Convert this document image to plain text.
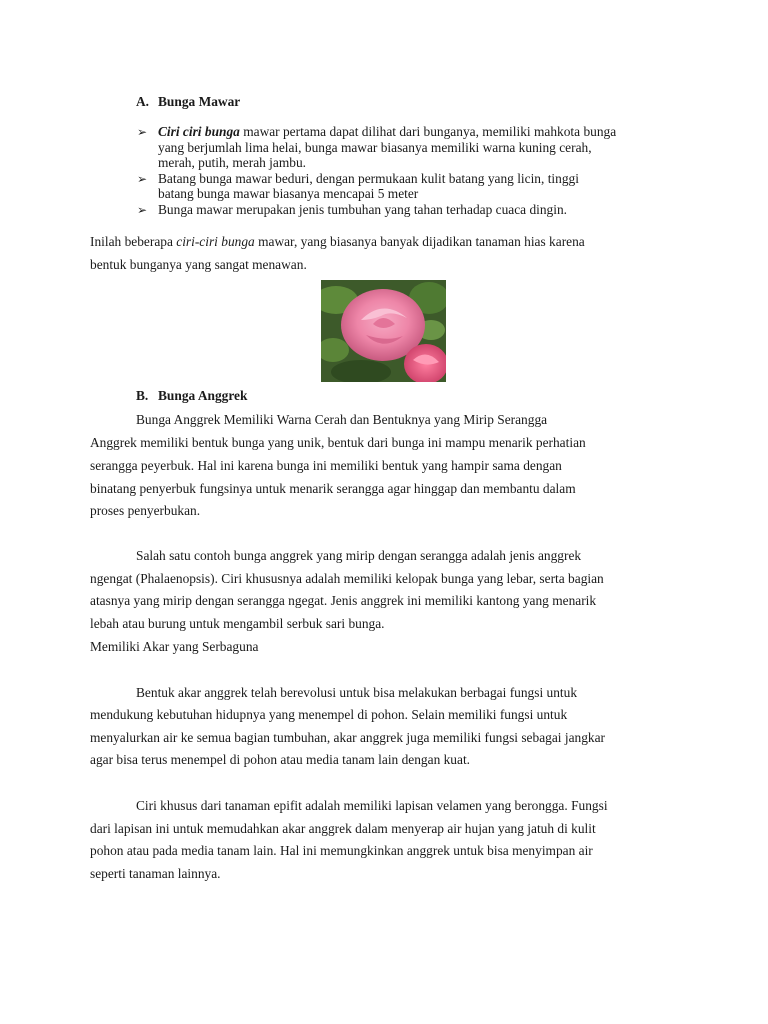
A. Bunga Mawar
➢ Ciri ciri bunga mawar pertama dapat dilihat dari bunganya, memiliki mahkota bunga
yang berjumlah lima helai, bunga mawar biasanya memiliki warna kuning cerah,
merah, putih, merah jambu.
➢ Batang bunga mawar beduri, dengan permukaan kulit batang yang licin, tinggi
batang bunga mawar biasanya mencapai 5 meter
➢ Bunga mawar merupakan jenis tumbuhan yang tahan terhadap cuaca dingin.
Inilah beberapa ciri-ciri bunga mawar, yang biasanya banyak dijadikan tanaman hias karena
bentuk bunganya yang sangat menawan.
B. Bunga Anggrek
Bunga Anggrek Memiliki Warna Cerah dan Bentuknya yang Mirip Serangga
Anggrek memiliki bentuk bunga yang unik, bentuk dari bunga ini mampu menarik perhatian
serangga peyerbuk. Hal ini karena bunga ini memiliki bentuk yang hampir sama dengan
binatang penyerbuk fungsinya untuk menarik serangga agar hinggap dan membantu dalam
proses penyerbukan.
Salah satu contoh bunga anggrek yang mirip dengan serangga adalah jenis anggrek
ngengat (Phalaenopsis). Ciri khususnya adalah memiliki kelopak bunga yang lebar, serta bagian
atasnya yang mirip dengan serangga ngegat. Jenis anggrek ini memiliki kantong yang menarik
lebah atau burung untuk mengambil serbuk sari bunga.
Memiliki Akar yang Serbaguna
Bentuk akar anggrek telah berevolusi untuk bisa melakukan berbagai fungsi untuk
mendukung kebutuhan hidupnya yang menempel di pohon. Selain memiliki fungsi untuk
menyalurkan air ke semua bagian tumbuhan, akar anggrek juga memiliki fungsi sebagai jangkar
agar bisa terus menempel di pohon atau media tanam lain dengan kuat.
Ciri khusus dari tanaman epifit adalah memiliki lapisan velamen yang berongga. Fungsi
dari lapisan ini untuk memudahkan akar anggrek dalam menyerap air hujan yang jatuh di kulit
pohon atau pada media tanam lain. Hal ini memungkinkan anggrek untuk bisa menyimpan air
seperti tanaman lainnya.
